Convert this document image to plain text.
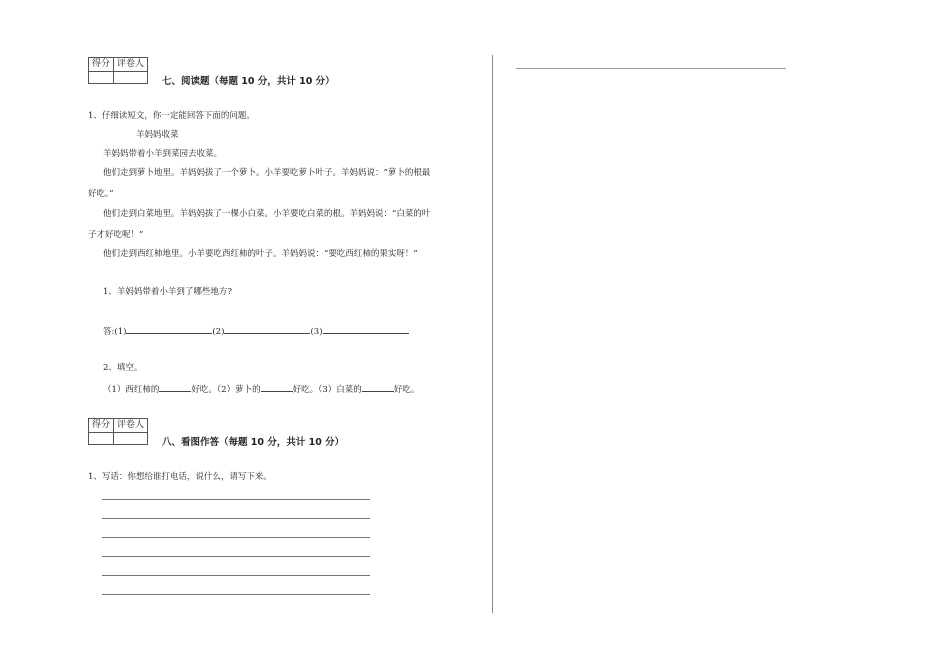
得分	评卷人

七、阅读题（每题 10 分，共计 10 分）
1、仔细读短文，你一定能回答下面的问题。
羊妈妈收菜
羊妈妈带着小羊到菜园去收菜。
他们走到萝卜地里。羊妈妈拔了一个萝卜。小羊要吃萝卜叶子。羊妈妈说：“萝卜的根最
好吃。”
他们走到白菜地里。羊妈妈拔了一棵小白菜。小羊要吃白菜的根。羊妈妈说：“白菜的叶
子才好吃呢！”
他们走到西红柿地里。小羊要吃西红柿的叶子。羊妈妈说：“要吃西红柿的果实呀！”
1、羊妈妈带着小羊到了哪些地方?
答:(1)	(2)	(3)
2、填空。
（1）西红柿的	好吃。（2）萝卜的	好吃。（3）白菜的	好吃。
得分	评卷人

八、看图作答（每题 10 分，共计 10 分）
1、写话：你想给谁打电话，说什么，请写下来。
